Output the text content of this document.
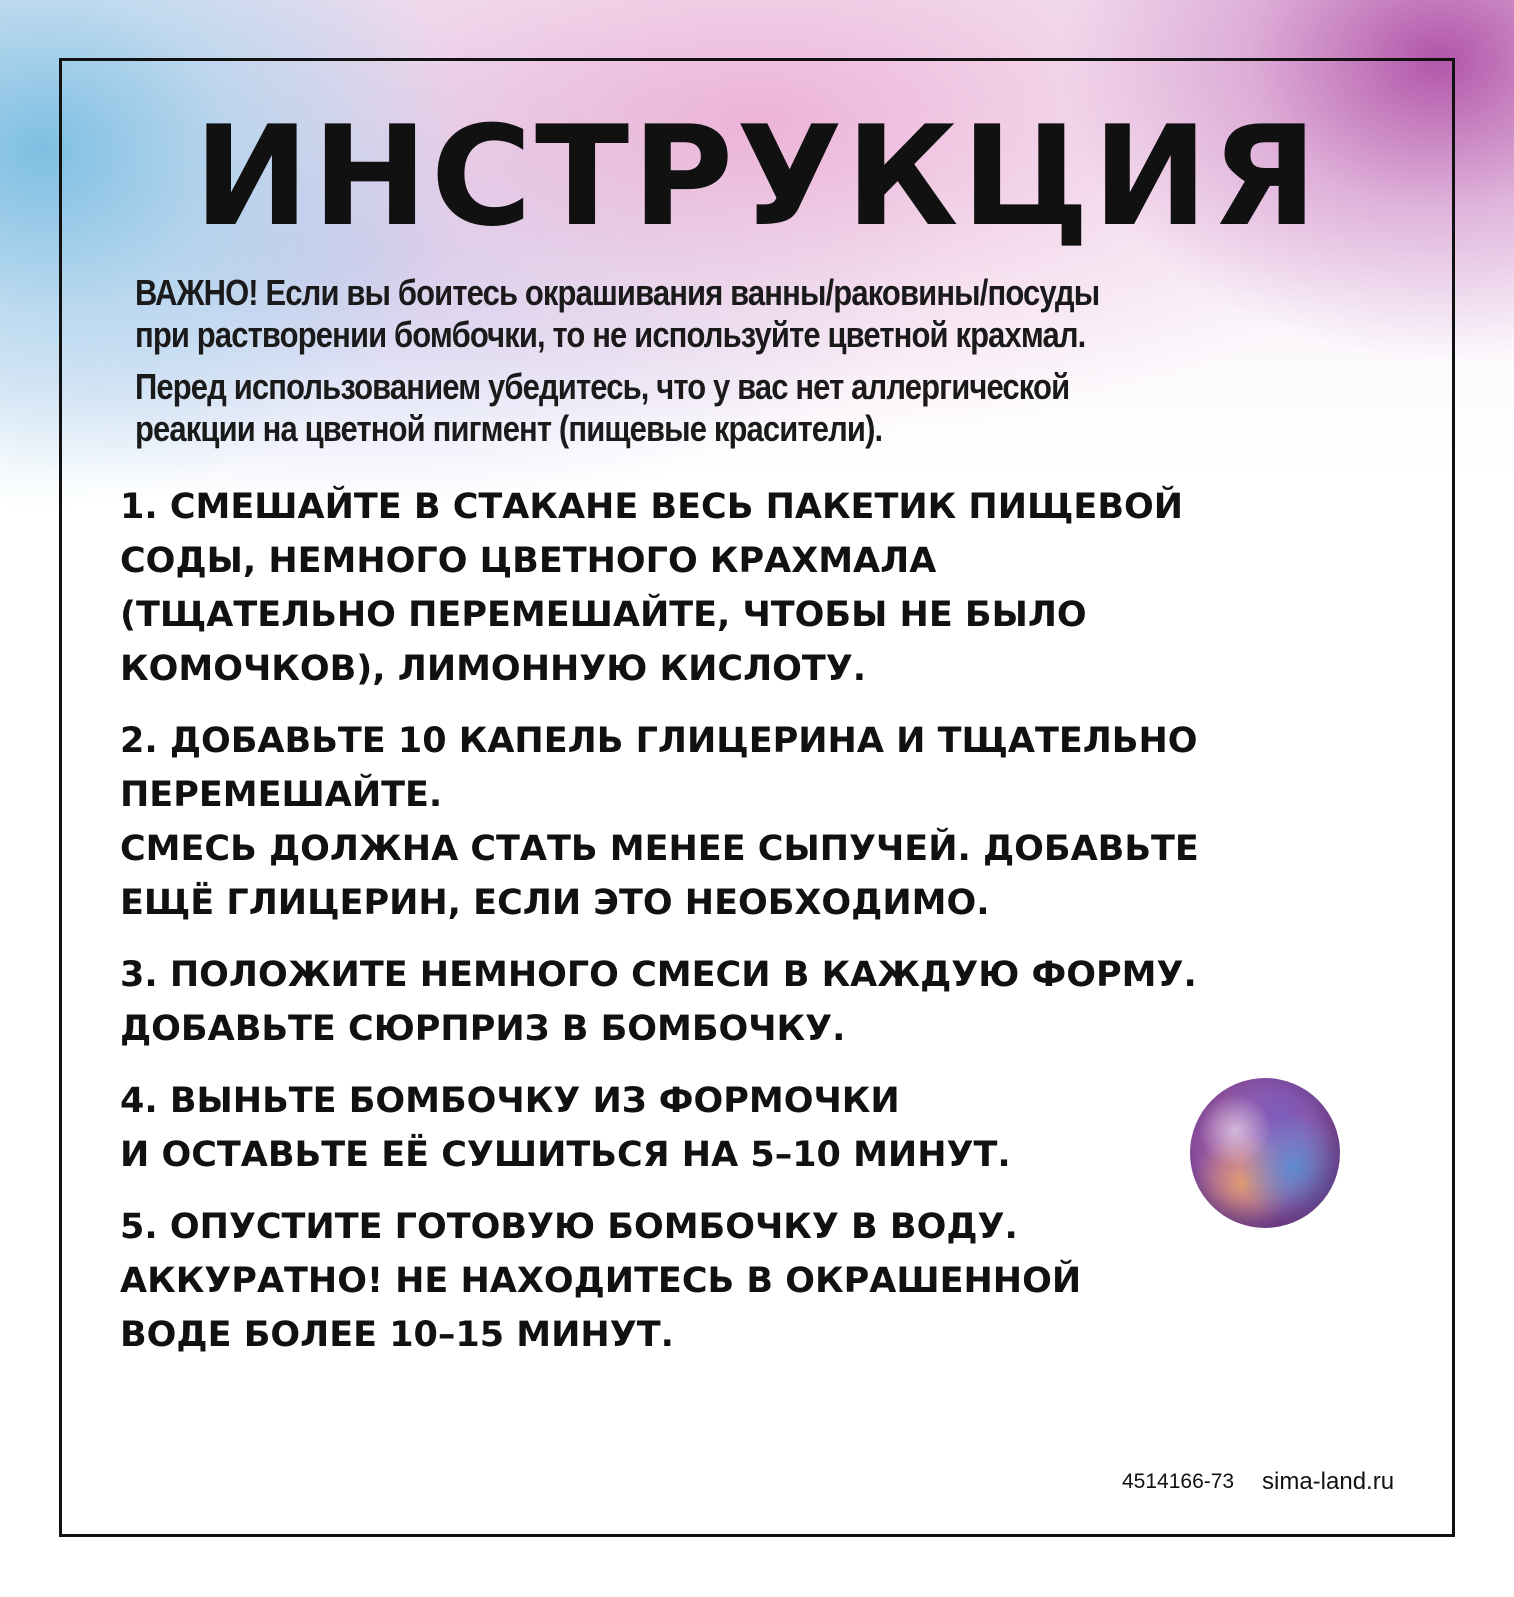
ИНСТРУКЦИЯ

ВАЖНО! Если вы боитесь окрашивания ванны/раковины/посуды
при растворении бомбочки, то не используйте цветной крахмал.

Перед использованием убедитесь, что у вас нет аллергической
реакции на цветной пигмент (пищевые красители).

1. СМЕШАЙТЕ В СТАКАНЕ ВЕСЬ ПАКЕТИК ПИЩЕВОЙ
СОДЫ, НЕМНОГО ЦВЕТНОГО КРАХМАЛА
(ТЩАТЕЛЬНО ПЕРЕМЕШАЙТЕ, ЧТОБЫ НЕ БЫЛО
КОМОЧКОВ), ЛИМОННУЮ КИСЛОТУ.
2. ДОБАВЬТЕ 10 КАПЕЛЬ ГЛИЦЕРИНА И ТЩАТЕЛЬНО
ПЕРЕМЕШАЙТЕ.
СМЕСЬ ДОЛЖНА СТАТЬ МЕНЕЕ СЫПУЧЕЙ. ДОБАВЬТЕ
ЕЩЁ ГЛИЦЕРИН, ЕСЛИ ЭТО НЕОБХОДИМО.
3. ПОЛОЖИТЕ НЕМНОГО СМЕСИ В КАЖДУЮ ФОРМУ.
ДОБАВЬТЕ СЮРПРИЗ В БОМБОЧКУ.
4. ВЫНЬТЕ БОМБОЧКУ ИЗ ФОРМОЧКИ
И ОСТАВЬТЕ ЕЁ СУШИТЬСЯ НА 5–10 МИНУТ.
5. ОПУСТИТЕ ГОТОВУЮ БОМБОЧКУ В ВОДУ.
АККУРАТНО! НЕ НАХОДИТЕСЬ В ОКРАШЕННОЙ
ВОДЕ БОЛЕЕ 10–15 МИНУТ.
4514166-73 sima-land.ru
